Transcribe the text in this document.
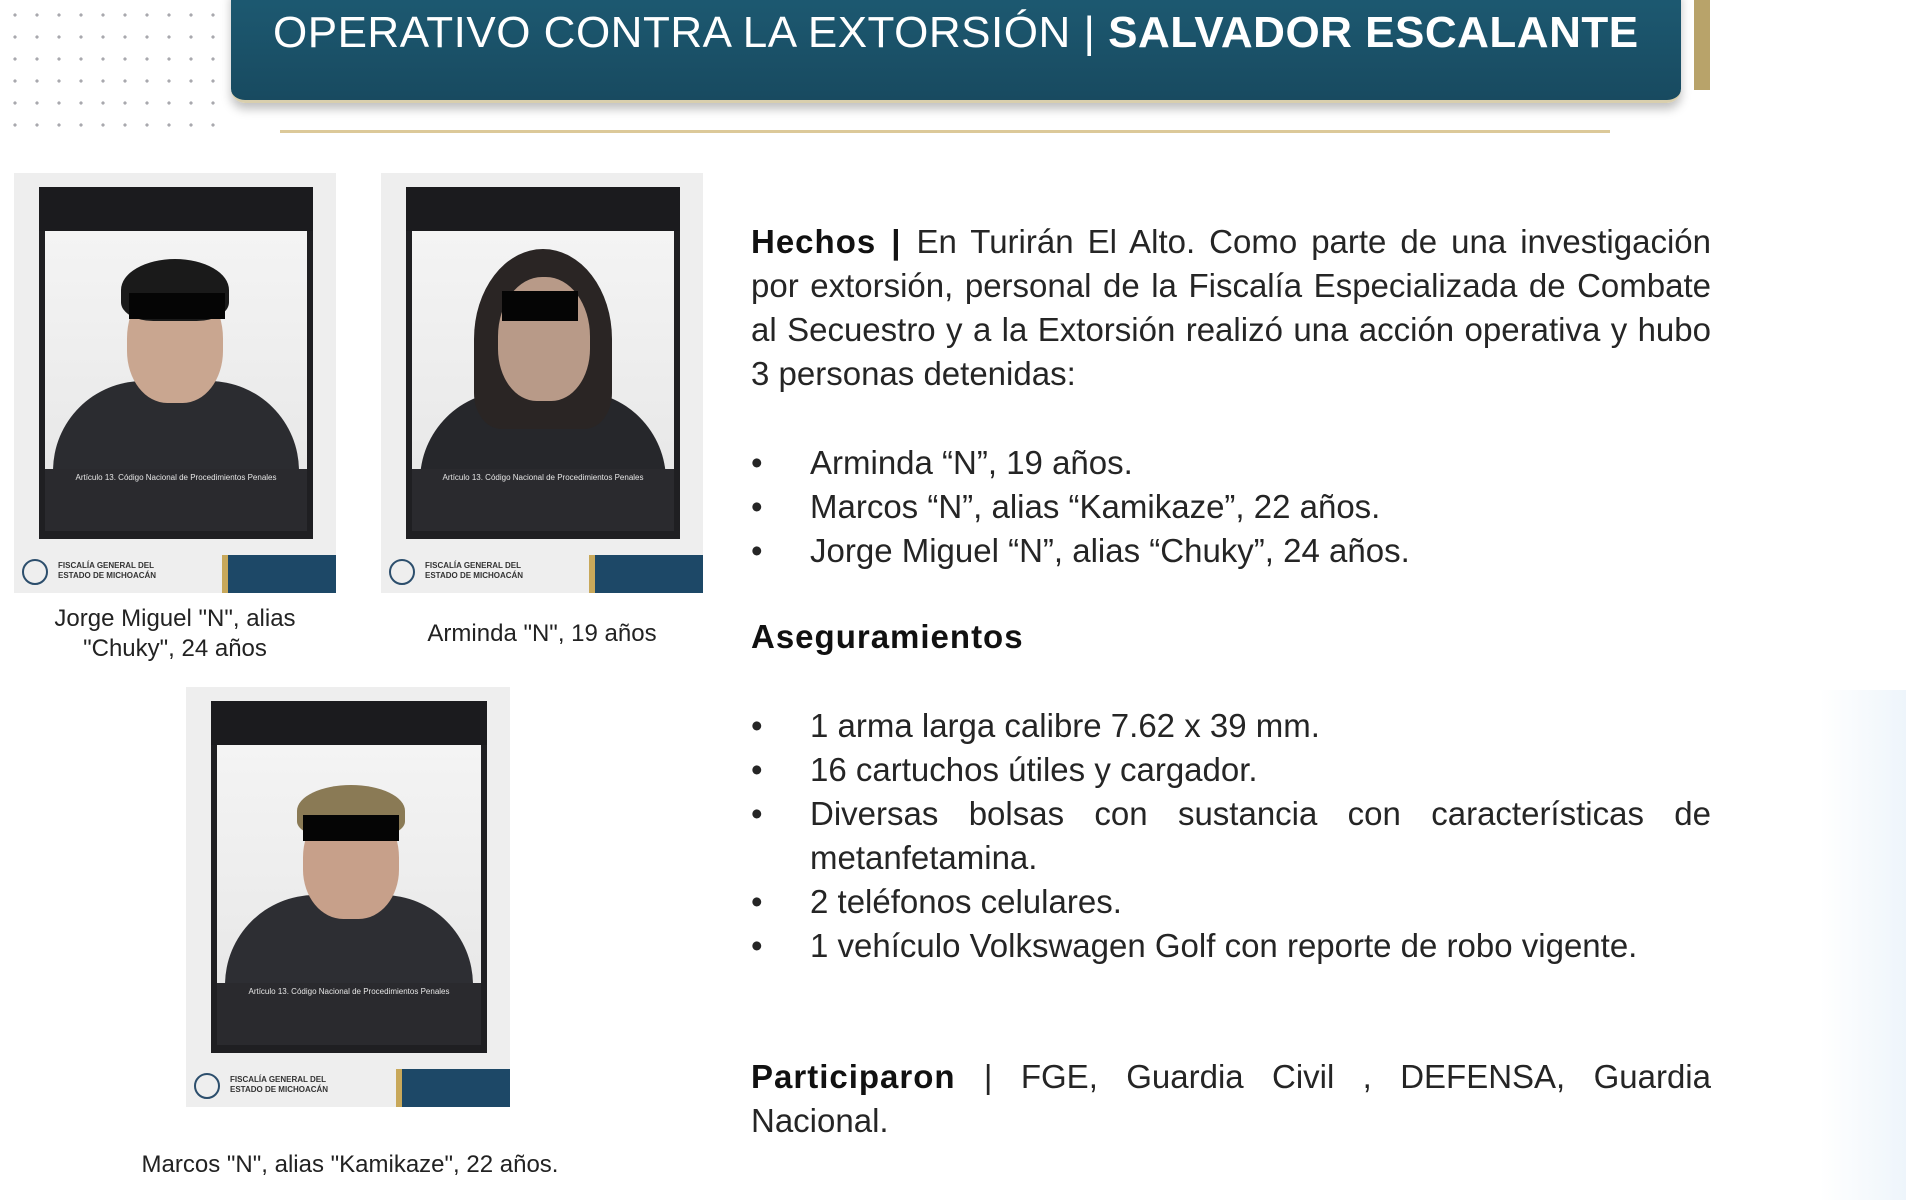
OPERATIVO CONTRA LA EXTORSIÓN | SALVADOR ESCALANTE
Artículo 13. Código Nacional de Procedimientos Penales
FISCALÍA GENERAL DEL ESTADO DE MICHOACÁN
Jorge Miguel "N", alias
"Chuky", 24 años
Artículo 13. Código Nacional de Procedimientos Penales
FISCALÍA GENERAL DEL ESTADO DE MICHOACÁN
Arminda "N", 19 años
Artículo 13. Código Nacional de Procedimientos Penales
FISCALÍA GENERAL DEL ESTADO DE MICHOACÁN
Marcos "N", alias "Kamikaze", 22 años.
Hechos | En Turirán El Alto. Como parte de una investigación por extorsión, personal de la Fiscalía Especializada de Combate al Secuestro y a la Extorsión realizó una acción operativa y hubo 3 personas detenidas:
• Arminda “N”, 19 años.
• Marcos “N”, alias “Kamikaze”, 22 años.
• Jorge Miguel “N”, alias “Chuky”, 24 años.
Aseguramientos
• 1 arma larga calibre 7.62 x 39 mm.
• 16 cartuchos útiles y cargador.
• Diversas bolsas con sustancia con características de metanfetamina.
• 2 teléfonos celulares.
• 1 vehículo Volkswagen Golf con reporte de robo vigente.
Participaron | FGE, Guardia Civil , DEFENSA, Guardia Nacional.
